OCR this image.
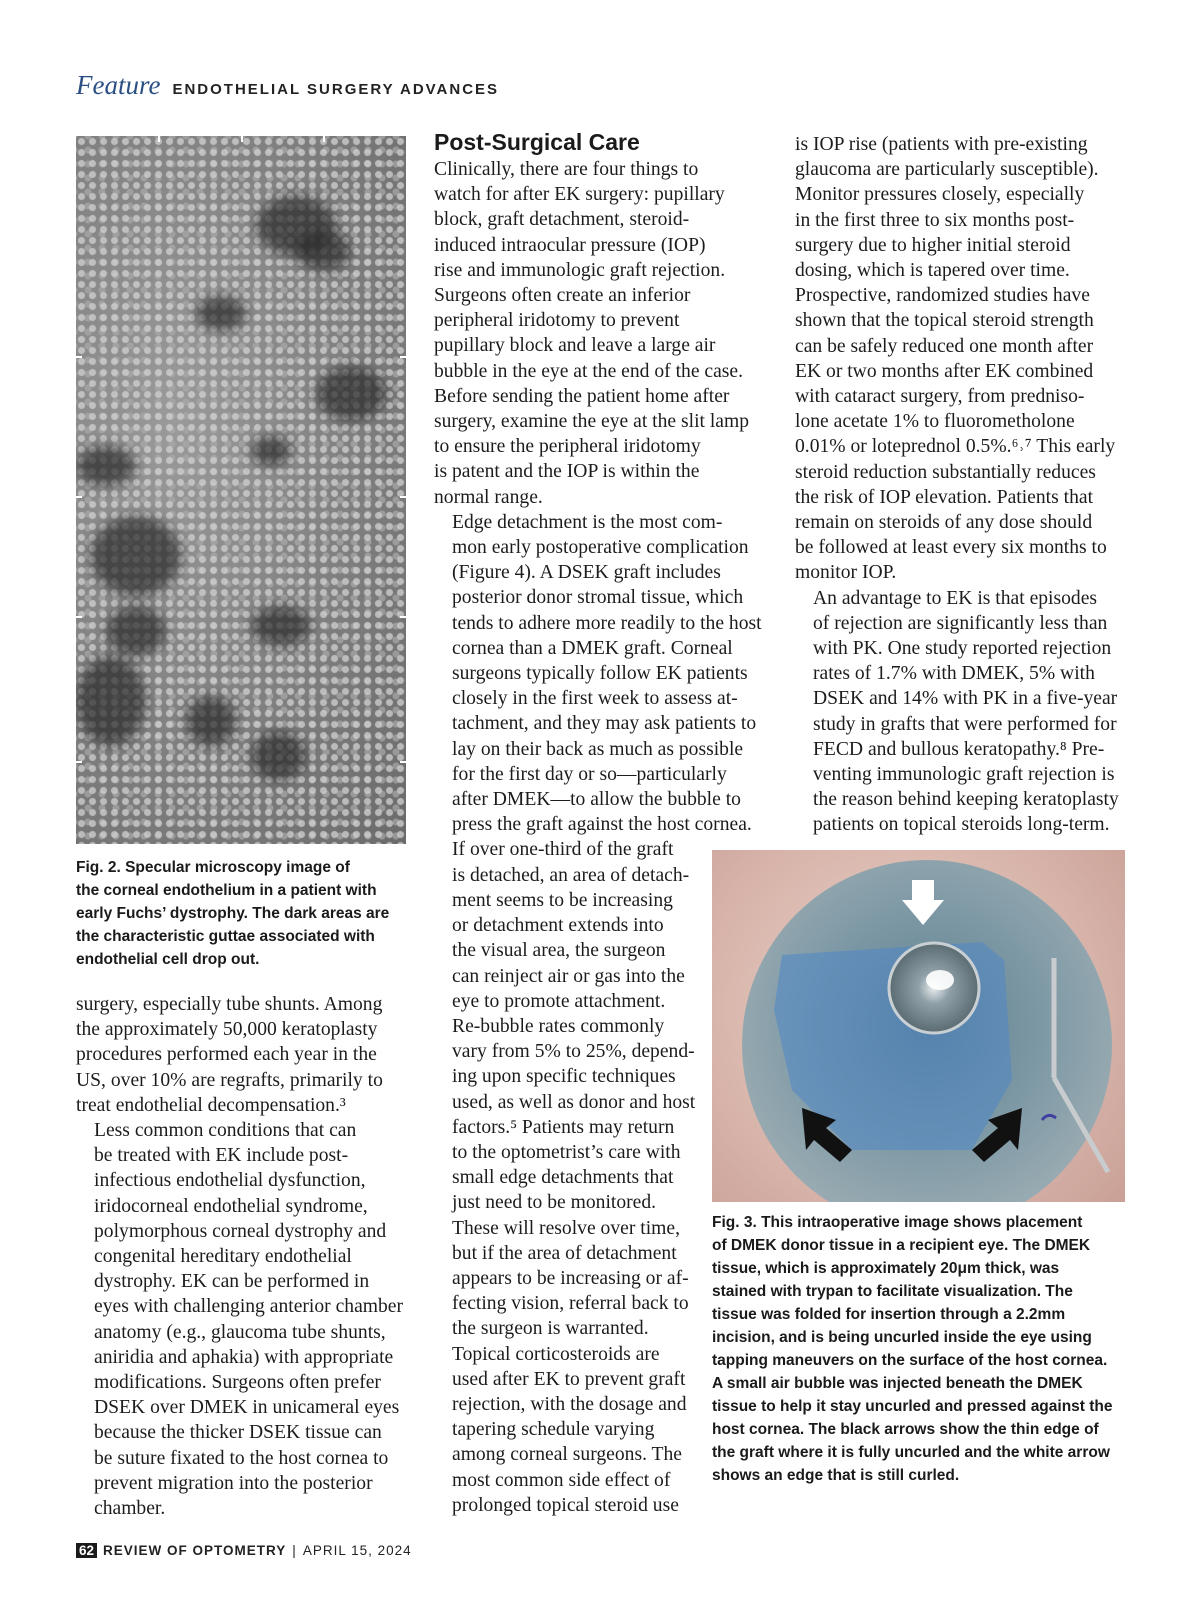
Feature ENDOTHELIAL SURGERY ADVANCES
Fig. 2. Specular microscopy image of
the corneal endothelium in a patient with
early Fuchs’ dystrophy. The dark areas are
the characteristic guttae associated with
endothelial cell drop out.

surgery, especially tube shunts. Among
the approximately 50,000 keratoplasty
procedures performed each year in the
US, over 10% are regrafts, primarily to
treat endothelial decompensation.³

Less common conditions that can
be treated with EK include post-
infectious endothelial dysfunction,
iridocorneal endothelial syndrome,
polymorphous corneal dystrophy and
congenital hereditary endothelial
dystrophy. EK can be performed in
eyes with challenging anterior chamber
anatomy (e.g., glaucoma tube shunts,
aniridia and aphakia) with appropriate
modifications. Surgeons often prefer
DSEK over DMEK in unicameral eyes
because the thicker DSEK tissue can
be suture fixated to the host cornea to
prevent migration into the posterior
chamber.

Post-Surgical Care

Clinically, there are four things to
watch for after EK surgery: pupillary
block, graft detachment, steroid-
induced intraocular pressure (IOP)
rise and immunologic graft rejection.
Surgeons often create an inferior
peripheral iridotomy to prevent
pupillary block and leave a large air
bubble in the eye at the end of the case.
Before sending the patient home after
surgery, examine the eye at the slit lamp
to ensure the peripheral iridotomy
is patent and the IOP is within the
normal range.

Edge detachment is the most com-
mon early postoperative complication
(Figure 4). A DSEK graft includes
posterior donor stromal tissue, which
tends to adhere more readily to the host
cornea than a DMEK graft. Corneal
surgeons typically follow EK patients
closely in the first week to assess at-
tachment, and they may ask patients to
lay on their back as much as possible
for the first day or so—particularly
after DMEK—to allow the bubble to
press the graft against the host cornea.

If over one-third of the graft
is detached, an area of detach-
ment seems to be increasing
or detachment extends into
the visual area, the surgeon
can reinject air or gas into the
eye to promote attachment.
Re-bubble rates commonly
vary from 5% to 25%, depend-
ing upon specific techniques
used, as well as donor and host
factors.⁵ Patients may return
to the optometrist’s care with
small edge detachments that
just need to be monitored.
These will resolve over time,
but if the area of detachment
appears to be increasing or af-
fecting vision, referral back to
the surgeon is warranted.

Topical corticosteroids are
used after EK to prevent graft
rejection, with the dosage and
tapering schedule varying
among corneal surgeons. The
most common side effect of
prolonged topical steroid use

is IOP rise (patients with pre-existing
glaucoma are particularly susceptible).
Monitor pressures closely, especially
in the first three to six months post-
surgery due to higher initial steroid
dosing, which is tapered over time.
Prospective, randomized studies have
shown that the topical steroid strength
can be safely reduced one month after
EK or two months after EK combined
with cataract surgery, from predniso-
lone acetate 1% to fluorometholone
0.01% or loteprednol 0.5%.⁶˒⁷ This early
steroid reduction substantially reduces
the risk of IOP elevation. Patients that
remain on steroids of any dose should
be followed at least every six months to
monitor IOP.

An advantage to EK is that episodes
of rejection are significantly less than
with PK. One study reported rejection
rates of 1.7% with DMEK, 5% with
DSEK and 14% with PK in a five-year
study in grafts that were performed for
FECD and bullous keratopathy.⁸ Pre-
venting immunologic graft rejection is
the reason behind keeping keratoplasty
patients on topical steroids long-term.

Fig. 3. This intraoperative image shows placement
of DMEK donor tissue in a recipient eye. The DMEK
tissue, which is approximately 20μm thick, was
stained with trypan to facilitate visualization. The
tissue was folded for insertion through a 2.2mm
incision, and is being uncurled inside the eye using
tapping maneuvers on the surface of the host cornea.
A small air bubble was injected beneath the DMEK
tissue to help it stay uncurled and pressed against the
host cornea. The black arrows show the thin edge of
the graft where it is fully uncurled and the white arrow
shows an edge that is still curled.
62 REVIEW OF OPTOMETRY | APRIL 15, 2024
